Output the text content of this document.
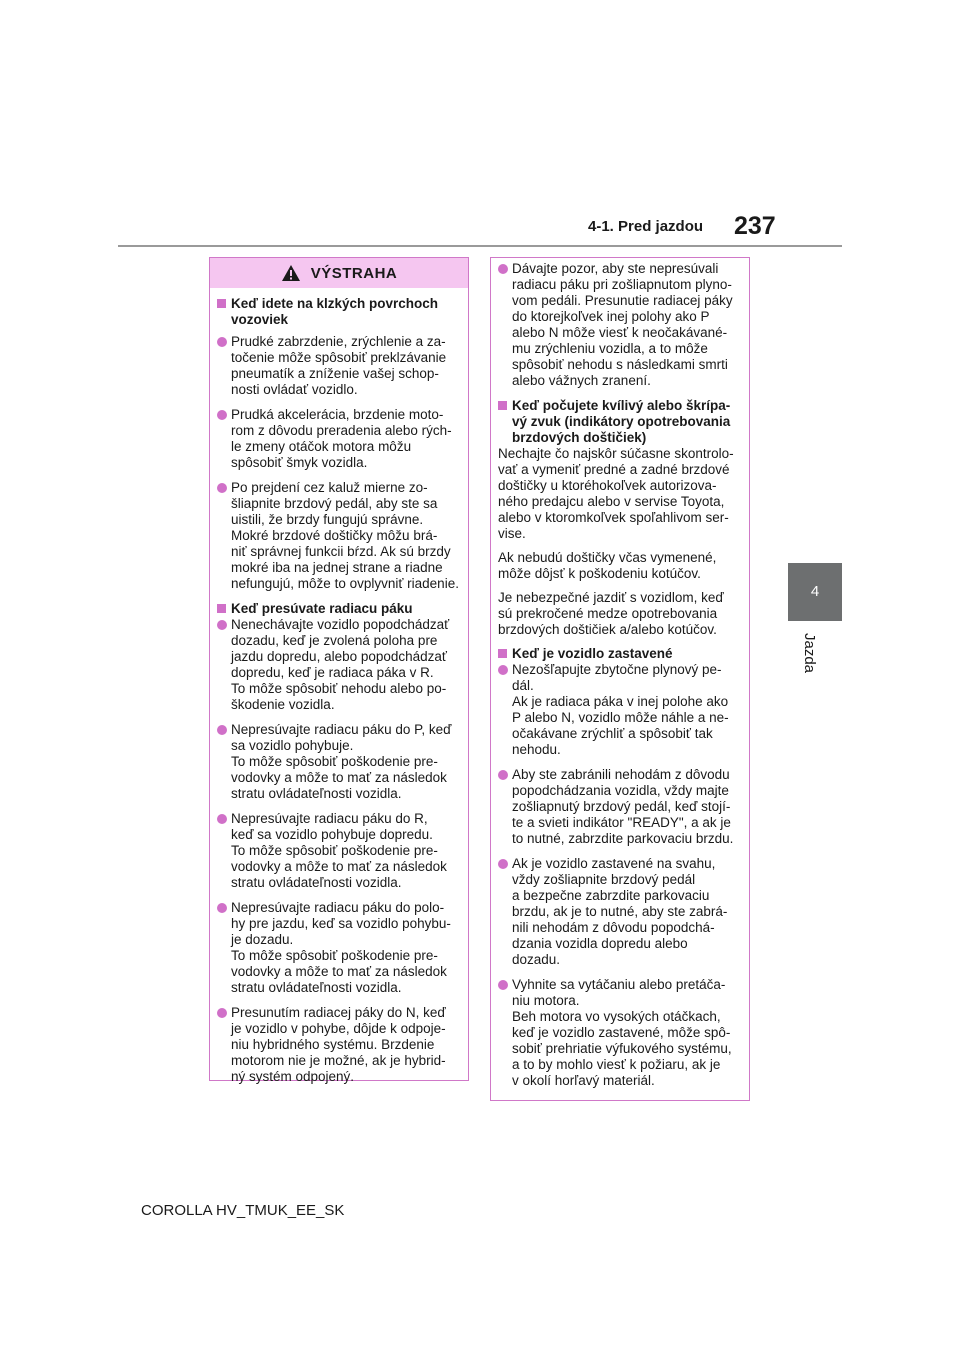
4-1. Pred jazdou 237
4
Jazda
VÝSTRAHA
Keď idete na klzkých povrchoch
vozoviek
Prudké zabrzdenie, zrýchlenie a za-
točenie môže spôsobiť preklzávanie
pneumatík a zníženie vašej schop-
nosti ovládať vozidlo.
Prudká akcelerácia, brzdenie moto-
rom z dôvodu preradenia alebo rých-
le zmeny otáčok motora môžu
spôsobiť šmyk vozidla.
Po prejdení cez kaluž mierne zo-
šliapnite brzdový pedál, aby ste sa
uistili, že brzdy fungujú správne.
Mokré brzdové doštičky môžu brá-
niť správnej funkcii bŕzd. Ak sú brzdy
mokré iba na jednej strane a riadne
nefungujú, môže to ovplyvniť riadenie.
Keď presúvate radiacu páku
Nenechávajte vozidlo popodchádzať
dozadu, keď je zvolená poloha pre
jazdu dopredu, alebo popodchádzať
dopredu, keď je radiaca páka v R.
To môže spôsobiť nehodu alebo po-
škodenie vozidla.
Nepresúvajte radiacu páku do P, keď
sa vozidlo pohybuje.
To môže spôsobiť poškodenie pre-
vodovky a môže to mať za následok
stratu ovládateľnosti vozidla.
Nepresúvajte radiacu páku do R,
keď sa vozidlo pohybuje dopredu.
To môže spôsobiť poškodenie pre-
vodovky a môže to mať za následok
stratu ovládateľnosti vozidla.
Nepresúvajte radiacu páku do polo-
hy pre jazdu, keď sa vozidlo pohybu-
je dozadu.
To môže spôsobiť poškodenie pre-
vodovky a môže to mať za následok
stratu ovládateľnosti vozidla.
Presunutím radiacej páky do N, keď
je vozidlo v pohybe, dôjde k odpoje-
niu hybridného systému. Brzdenie
motorom nie je možné, ak je hybrid-
ný systém odpojený.
Dávajte pozor, aby ste nepresúvali
radiacu páku pri zošliapnutom plyno-
vom pedáli. Presunutie radiacej páky
do ktorejkoľvek inej polohy ako P
alebo N môže viesť k neočakávané-
mu zrýchleniu vozidla, a to môže
spôsobiť nehodu s následkami smrti
alebo vážnych zranení.
Keď počujete kvílivý alebo škrípa-
vý zvuk (indikátory opotrebovania
brzdových doštičiek)
Nechajte čo najskôr súčasne skontrolo-
vať a vymeniť predné a zadné brzdové
doštičky u ktoréhokoľvek autorizova-
ného predajcu alebo v servise Toyota,
alebo v ktoromkoľvek spoľahlivom ser-
vise.
Ak nebudú doštičky včas vymenené,
môže dôjsť k poškodeniu kotúčov.
Je nebezpečné jazdiť s vozidlom, keď
sú prekročené medze opotrebovania
brzdových doštičiek a/alebo kotúčov.
Keď je vozidlo zastavené
Nezošľapujte zbytočne plynový pe-
dál.
Ak je radiaca páka v inej polohe ako
P alebo N, vozidlo môže náhle a ne-
očakávane zrýchliť a spôsobiť tak
nehodu.
Aby ste zabránili nehodám z dôvodu
popodchádzania vozidla, vždy majte
zošliapnutý brzdový pedál, keď stojí-
te a svieti indikátor "READY", a ak je
to nutné, zabrzdite parkovaciu brzdu.
Ak je vozidlo zastavené na svahu,
vždy zošliapnite brzdový pedál
a bezpečne zabrzdite parkovaciu
brzdu, ak je to nutné, aby ste zabrá-
nili nehodám z dôvodu popodchá-
dzania vozidla dopredu alebo
dozadu.
Vyhnite sa vytáčaniu alebo pretáča-
niu motora.
Beh motora vo vysokých otáčkach,
keď je vozidlo zastavené, môže spô-
sobiť prehriatie výfukového systému,
a to by mohlo viesť k požiaru, ak je
v okolí horľavý materiál.
COROLLA HV_TMUK_EE_SK
